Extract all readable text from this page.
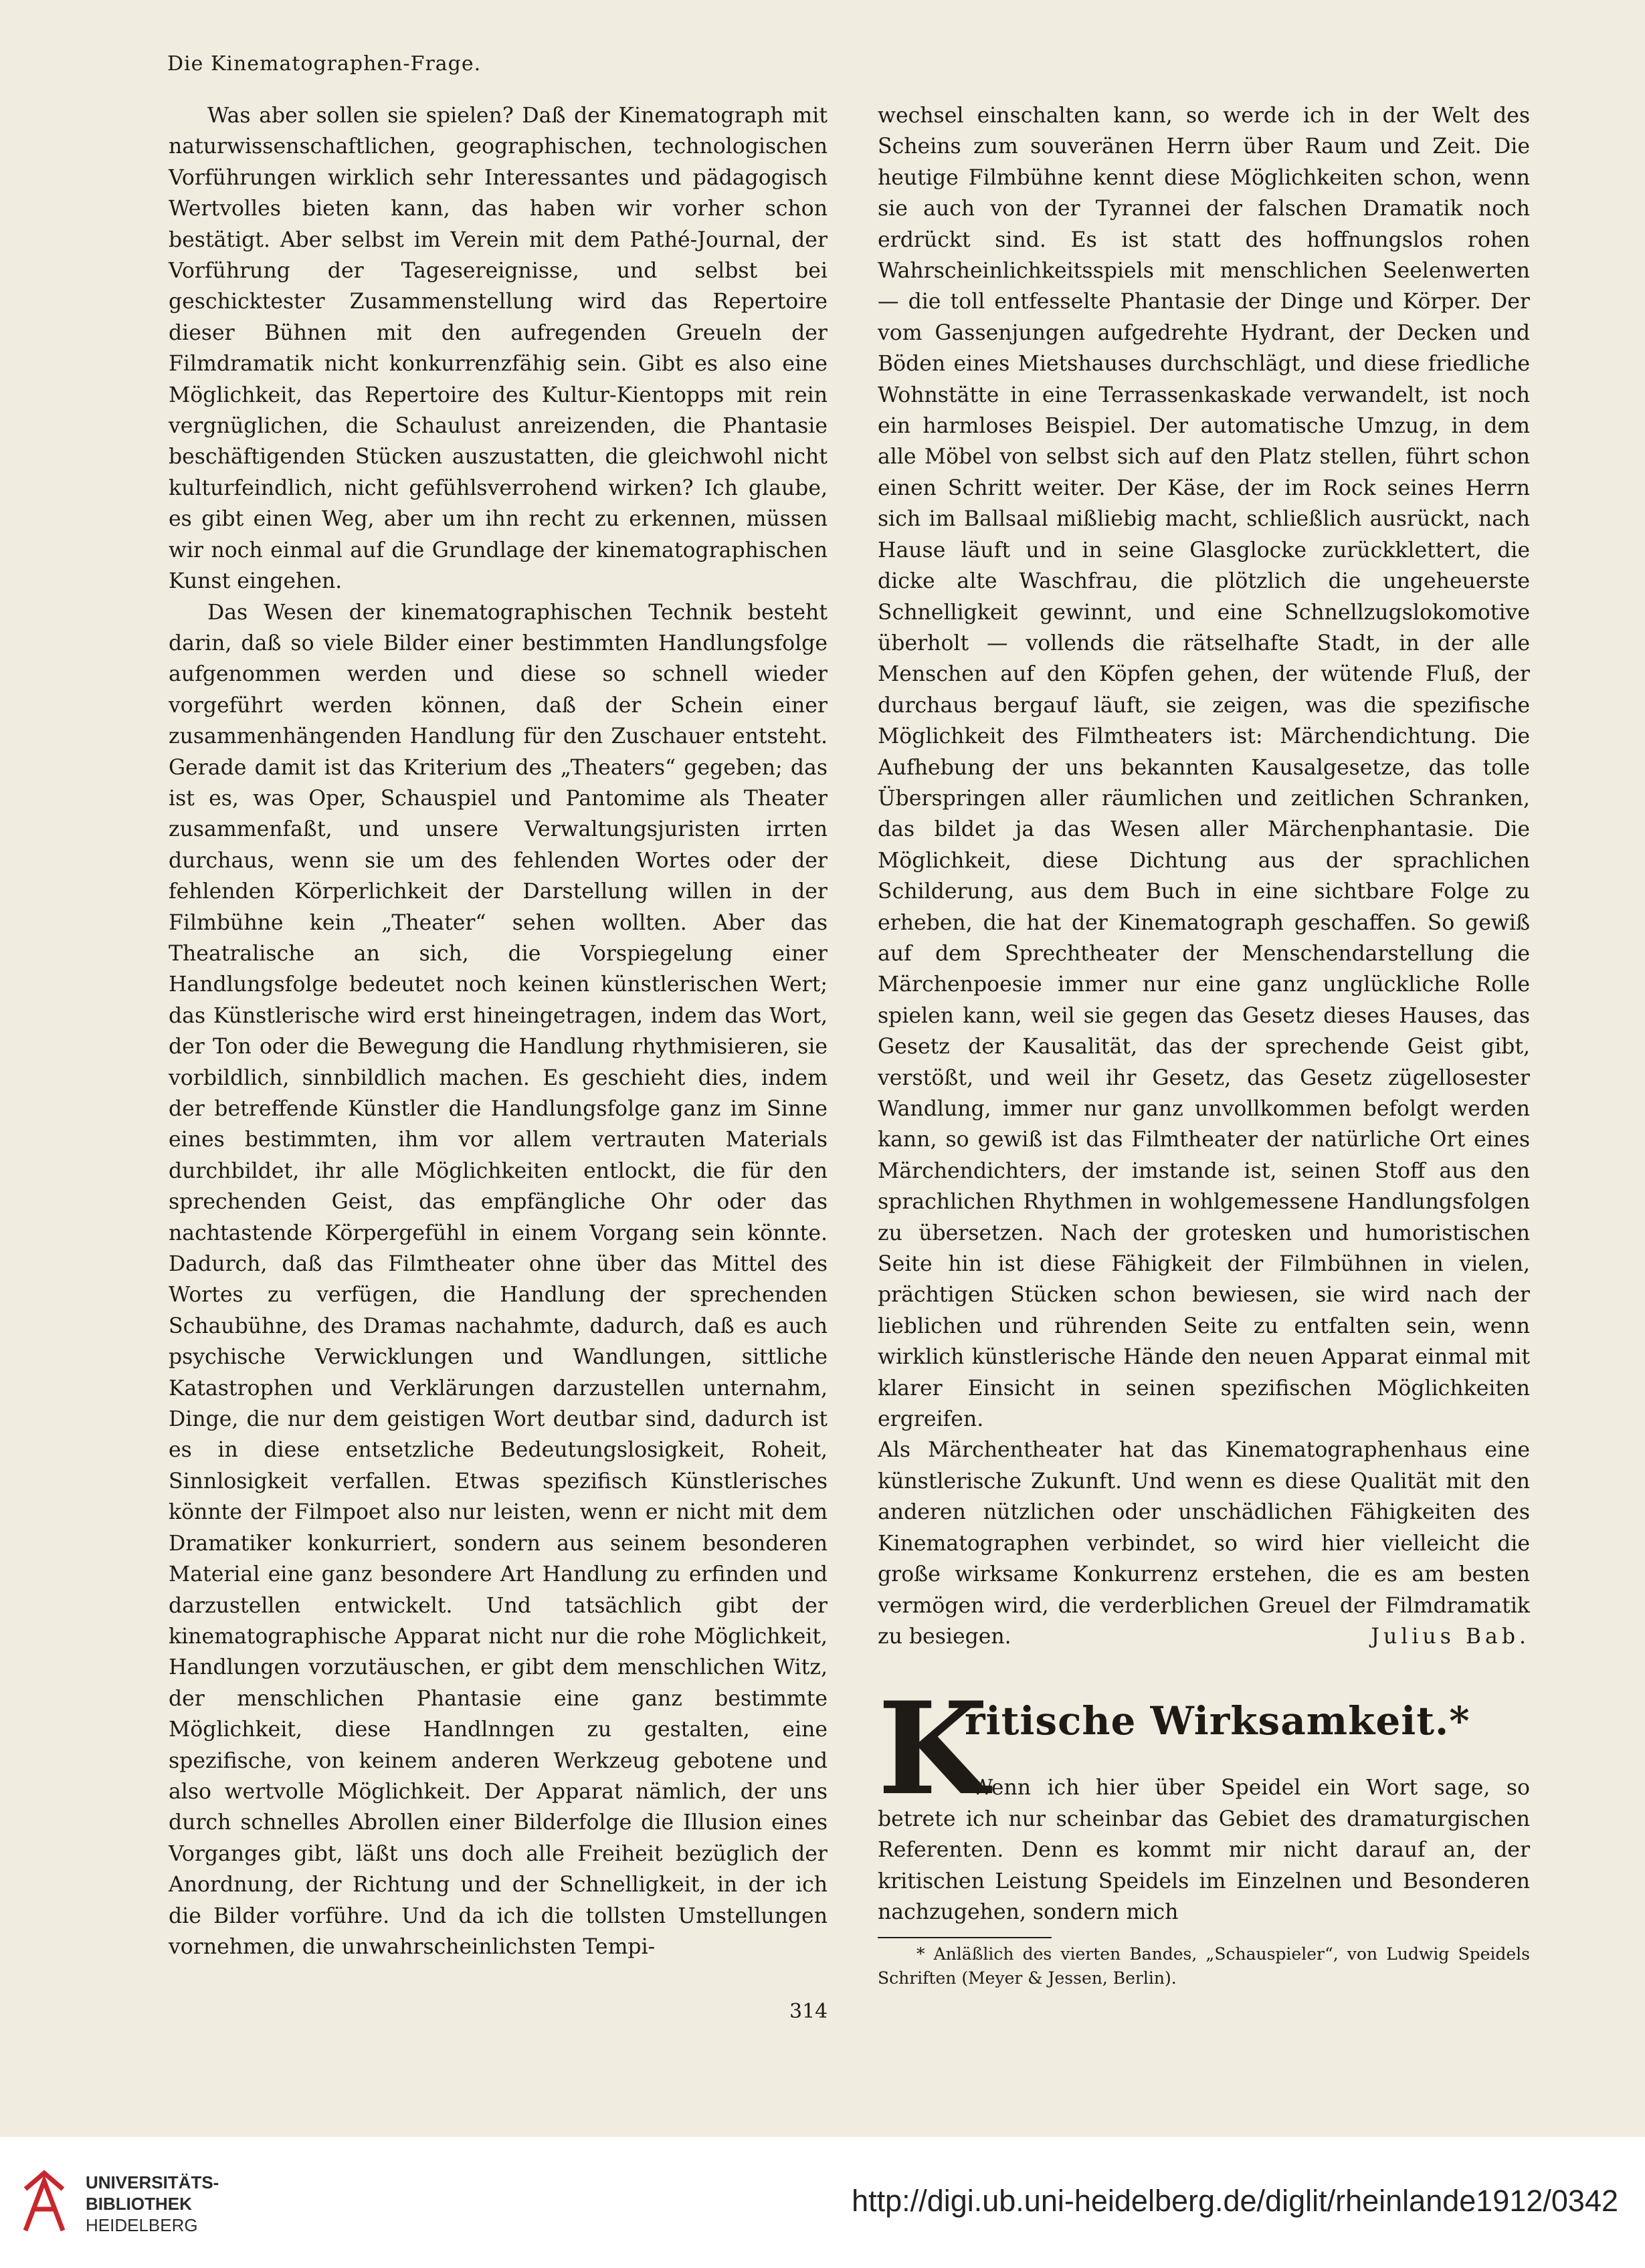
Die Kinematographen-Frage.

Was aber sollen sie spielen? Daß der Kinematograph mit naturwissenschaftlichen, geographischen, technologischen Vorführungen wirklich sehr Interessantes und pädagogisch Wertvolles bieten kann, das haben wir vorher schon bestätigt. Aber selbst im Verein mit dem Pathé-Journal, der Vorführung der Tagesereignisse, und selbst bei geschicktester Zusammenstellung wird das Repertoire dieser Bühnen mit den aufregenden Greueln der Filmdramatik nicht konkurrenzfähig sein. Gibt es also eine Möglichkeit, das Repertoire des Kultur-Kientopps mit rein vergnüglichen, die Schaulust anreizenden, die Phantasie beschäftigenden Stücken auszustatten, die gleichwohl nicht kulturfeindlich, nicht gefühlsverrohend wirken? Ich glaube, es gibt einen Weg, aber um ihn recht zu erkennen, müssen wir noch einmal auf die Grundlage der kinematographischen Kunst eingehen.

Das Wesen der kinematographischen Technik besteht darin, daß so viele Bilder einer bestimmten Handlungsfolge aufgenommen werden und diese so schnell wieder vorgeführt werden können, daß der Schein einer zusammenhängenden Handlung für den Zuschauer entsteht. Gerade damit ist das Kriterium des „Theaters“ gegeben; das ist es, was Oper, Schauspiel und Pantomime als Theater zusammenfaßt, und unsere Verwaltungsjuristen irrten durchaus, wenn sie um des fehlenden Wortes oder der fehlenden Körperlichkeit der Darstellung willen in der Filmbühne kein „Theater“ sehen wollten. Aber das Theatralische an sich, die Vorspiegelung einer Handlungsfolge bedeutet noch keinen künstlerischen Wert; das Künstlerische wird erst hineingetragen, indem das Wort, der Ton oder die Bewegung die Handlung rhythmisieren, sie vorbildlich, sinnbildlich machen. Es geschieht dies, indem der betreffende Künstler die Handlungsfolge ganz im Sinne eines bestimmten, ihm vor allem vertrauten Materials durchbildet, ihr alle Möglichkeiten entlockt, die für den sprechenden Geist, das empfängliche Ohr oder das nachtastende Körpergefühl in einem Vorgang sein könnte. Dadurch, daß das Filmtheater ohne über das Mittel des Wortes zu verfügen, die Handlung der sprechenden Schaubühne, des Dramas nachahmte, dadurch, daß es auch psychische Verwicklungen und Wandlungen, sittliche Katastrophen und Verklärungen darzustellen unternahm, Dinge, die nur dem geistigen Wort deutbar sind, dadurch ist es in diese entsetzliche Bedeutungslosigkeit, Roheit, Sinnlosigkeit verfallen. Etwas spezifisch Künstlerisches könnte der Filmpoet also nur leisten, wenn er nicht mit dem Dramatiker konkurriert, sondern aus seinem besonderen Material eine ganz besondere Art Handlung zu erfinden und darzustellen entwickelt. Und tatsächlich gibt der kinematographische Apparat nicht nur die rohe Möglichkeit, Handlungen vorzutäuschen, er gibt dem menschlichen Witz, der menschlichen Phantasie eine ganz bestimmte Möglichkeit, diese Handlnngen zu gestalten, eine spezifische, von keinem anderen Werkzeug gebotene und also wertvolle Möglichkeit. Der Apparat nämlich, der uns durch schnelles Abrollen einer Bilderfolge die Illusion eines Vorganges gibt, läßt uns doch alle Freiheit bezüglich der Anordnung, der Richtung und der Schnelligkeit, in der ich die Bilder vorführe. Und da ich die tollsten Umstellungen vornehmen, die unwahrscheinlichsten Tempi-

wechsel einschalten kann, so werde ich in der Welt des Scheins zum souveränen Herrn über Raum und Zeit. Die heutige Filmbühne kennt diese Möglichkeiten schon, wenn sie auch von der Tyrannei der falschen Dramatik noch erdrückt sind. Es ist statt des hoffnungslos rohen Wahrscheinlichkeitsspiels mit menschlichen Seelenwerten — die toll entfesselte Phantasie der Dinge und Körper. Der vom Gassenjungen aufgedrehte Hydrant, der Decken und Böden eines Mietshauses durchschlägt, und diese friedliche Wohnstätte in eine Terrassenkaskade verwandelt, ist noch ein harmloses Beispiel. Der automatische Umzug, in dem alle Möbel von selbst sich auf den Platz stellen, führt schon einen Schritt weiter. Der Käse, der im Rock seines Herrn sich im Ballsaal mißliebig macht, schließlich ausrückt, nach Hause läuft und in seine Glasglocke zurückklettert, die dicke alte Waschfrau, die plötzlich die ungeheuerste Schnelligkeit gewinnt, und eine Schnellzugslokomotive überholt — vollends die rätselhafte Stadt, in der alle Menschen auf den Köpfen gehen, der wütende Fluß, der durchaus bergauf läuft, sie zeigen, was die spezifische Möglichkeit des Filmtheaters ist: Märchendichtung. Die Aufhebung der uns bekannten Kausalgesetze, das tolle Überspringen aller räumlichen und zeitlichen Schranken, das bildet ja das Wesen aller Märchenphantasie. Die Möglichkeit, diese Dichtung aus der sprachlichen Schilderung, aus dem Buch in eine sichtbare Folge zu erheben, die hat der Kinematograph geschaffen. So gewiß auf dem Sprechtheater der Menschendarstellung die Märchenpoesie immer nur eine ganz unglückliche Rolle spielen kann, weil sie gegen das Gesetz dieses Hauses, das Gesetz der Kausalität, das der sprechende Geist gibt, verstößt, und weil ihr Gesetz, das Gesetz zügellosester Wandlung, immer nur ganz unvollkommen befolgt werden kann, so gewiß ist das Filmtheater der natürliche Ort eines Märchendichters, der imstande ist, seinen Stoff aus den sprachlichen Rhythmen in wohlgemessene Handlungsfolgen zu übersetzen. Nach der grotesken und humoristischen Seite hin ist diese Fähigkeit der Filmbühnen in vielen, prächtigen Stücken schon bewiesen, sie wird nach der lieblichen und rührenden Seite zu entfalten sein, wenn wirklich künstlerische Hände den neuen Apparat einmal mit klarer Einsicht in seinen spezifischen Möglichkeiten ergreifen.

Als Märchentheater hat das Kinematographenhaus eine künstlerische Zukunft. Und wenn es diese Qualität mit den anderen nützlichen oder unschädlichen Fähigkeiten des Kinematographen verbindet, so wird hier vielleicht die große wirksame Konkurrenz erstehen, die es am besten vermögen wird, die verderblichen Greuel der Filmdramatik zu besiegen.	Julius Bab.
K
ritische Wirksamkeit.*

Wenn ich hier über Speidel ein Wort sage, so betrete ich nur scheinbar das Gebiet des dramaturgischen Referenten. Denn es kommt mir nicht darauf an, der kritischen Leistung Speidels im Einzelnen und Besonderen nachzugehen, sondern mich

* Anläßlich des vierten Bandes, „Schauspieler“, von Ludwig Speidels Schriften (Meyer & Jessen, Berlin).

314
UNIVERSITÄTS-
BIBLIOTHEK
HEIDELBERG
http://digi.ub.uni-heidelberg.de/diglit/rheinlande1912/0342
